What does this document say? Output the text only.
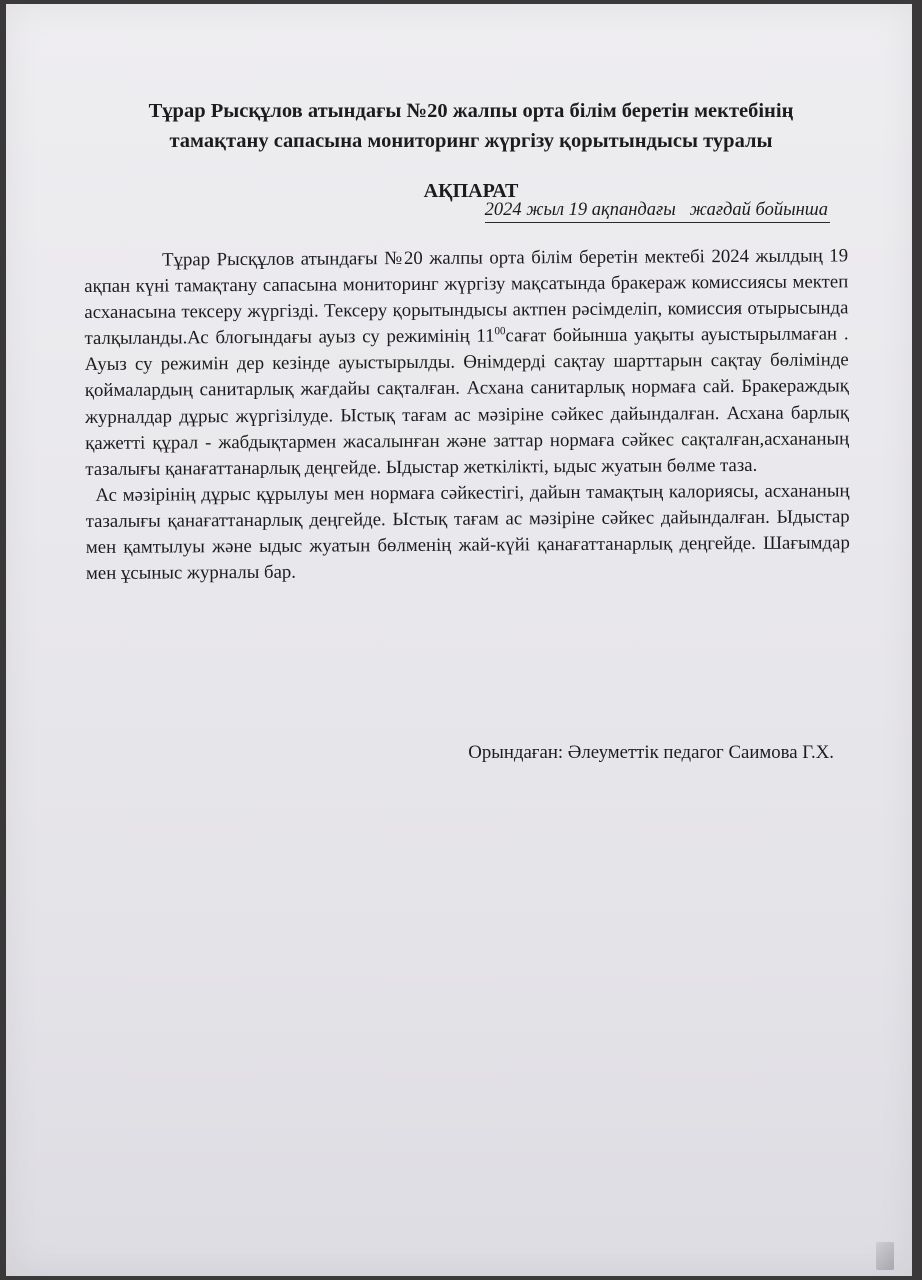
Тұрар Рысқұлов атындағы №20 жалпы орта білім беретін мектебінің
тамақтану сапасына мониторинг жүргізу қорытындысы туралы
АҚПАРАТ
2024 жыл 19 ақпандағы   жағдай бойынша

Тұрар Рысқұлов атындағы №20 жалпы орта білім беретін мектебі 2024 жылдың 19 ақпан күні тамақтану сапасына мониторинг жүргізу мақсатында бракераж комиссиясы мектеп асханасына тексеру жүргізді. Тексеру қорытындысы актпен рәсімделіп, комиссия отырысында талқыланды.Ас блогындағы ауыз су режимінің $11^{00}сағат$ бойынша уақыты ауыстырылмаған . Ауыз су режимін дер кезінде ауыстырылды. Өнімдерді сақтау шарттарын сақтау бөлімінде қоймалардың санитарлық жағдайы сақталған. Асхана санитарлық нормаға сай. Бракераждық журналдар дұрыс жүргізілуде. Ыстық тағам ас мәзіріне сәйкес дайындалған. Асхана барлық қажетті құрал - жабдықтармен жасалынған және заттар нормаға сәйкес сақталған,асхананың тазалығы қанағаттанарлық деңгейде. Ыдыстар жеткілікті, ыдыс жуатын бөлме таза.

Ас мәзірінің дұрыс құрылуы мен нормаға сәйкестігі, дайын тамақтың калориясы, асхананың тазалығы қанағаттанарлық деңгейде. Ыстық тағам ас мәзіріне сәйкес дайындалған. Ыдыстар мен қамтылуы және ыдыс жуатын бөлменің жай-күйі қанағаттанарлық деңгейде. Шағымдар мен ұсыныс журналы бар.

Орындаған: Әлеуметтік педагог Саимова Г.Х.
